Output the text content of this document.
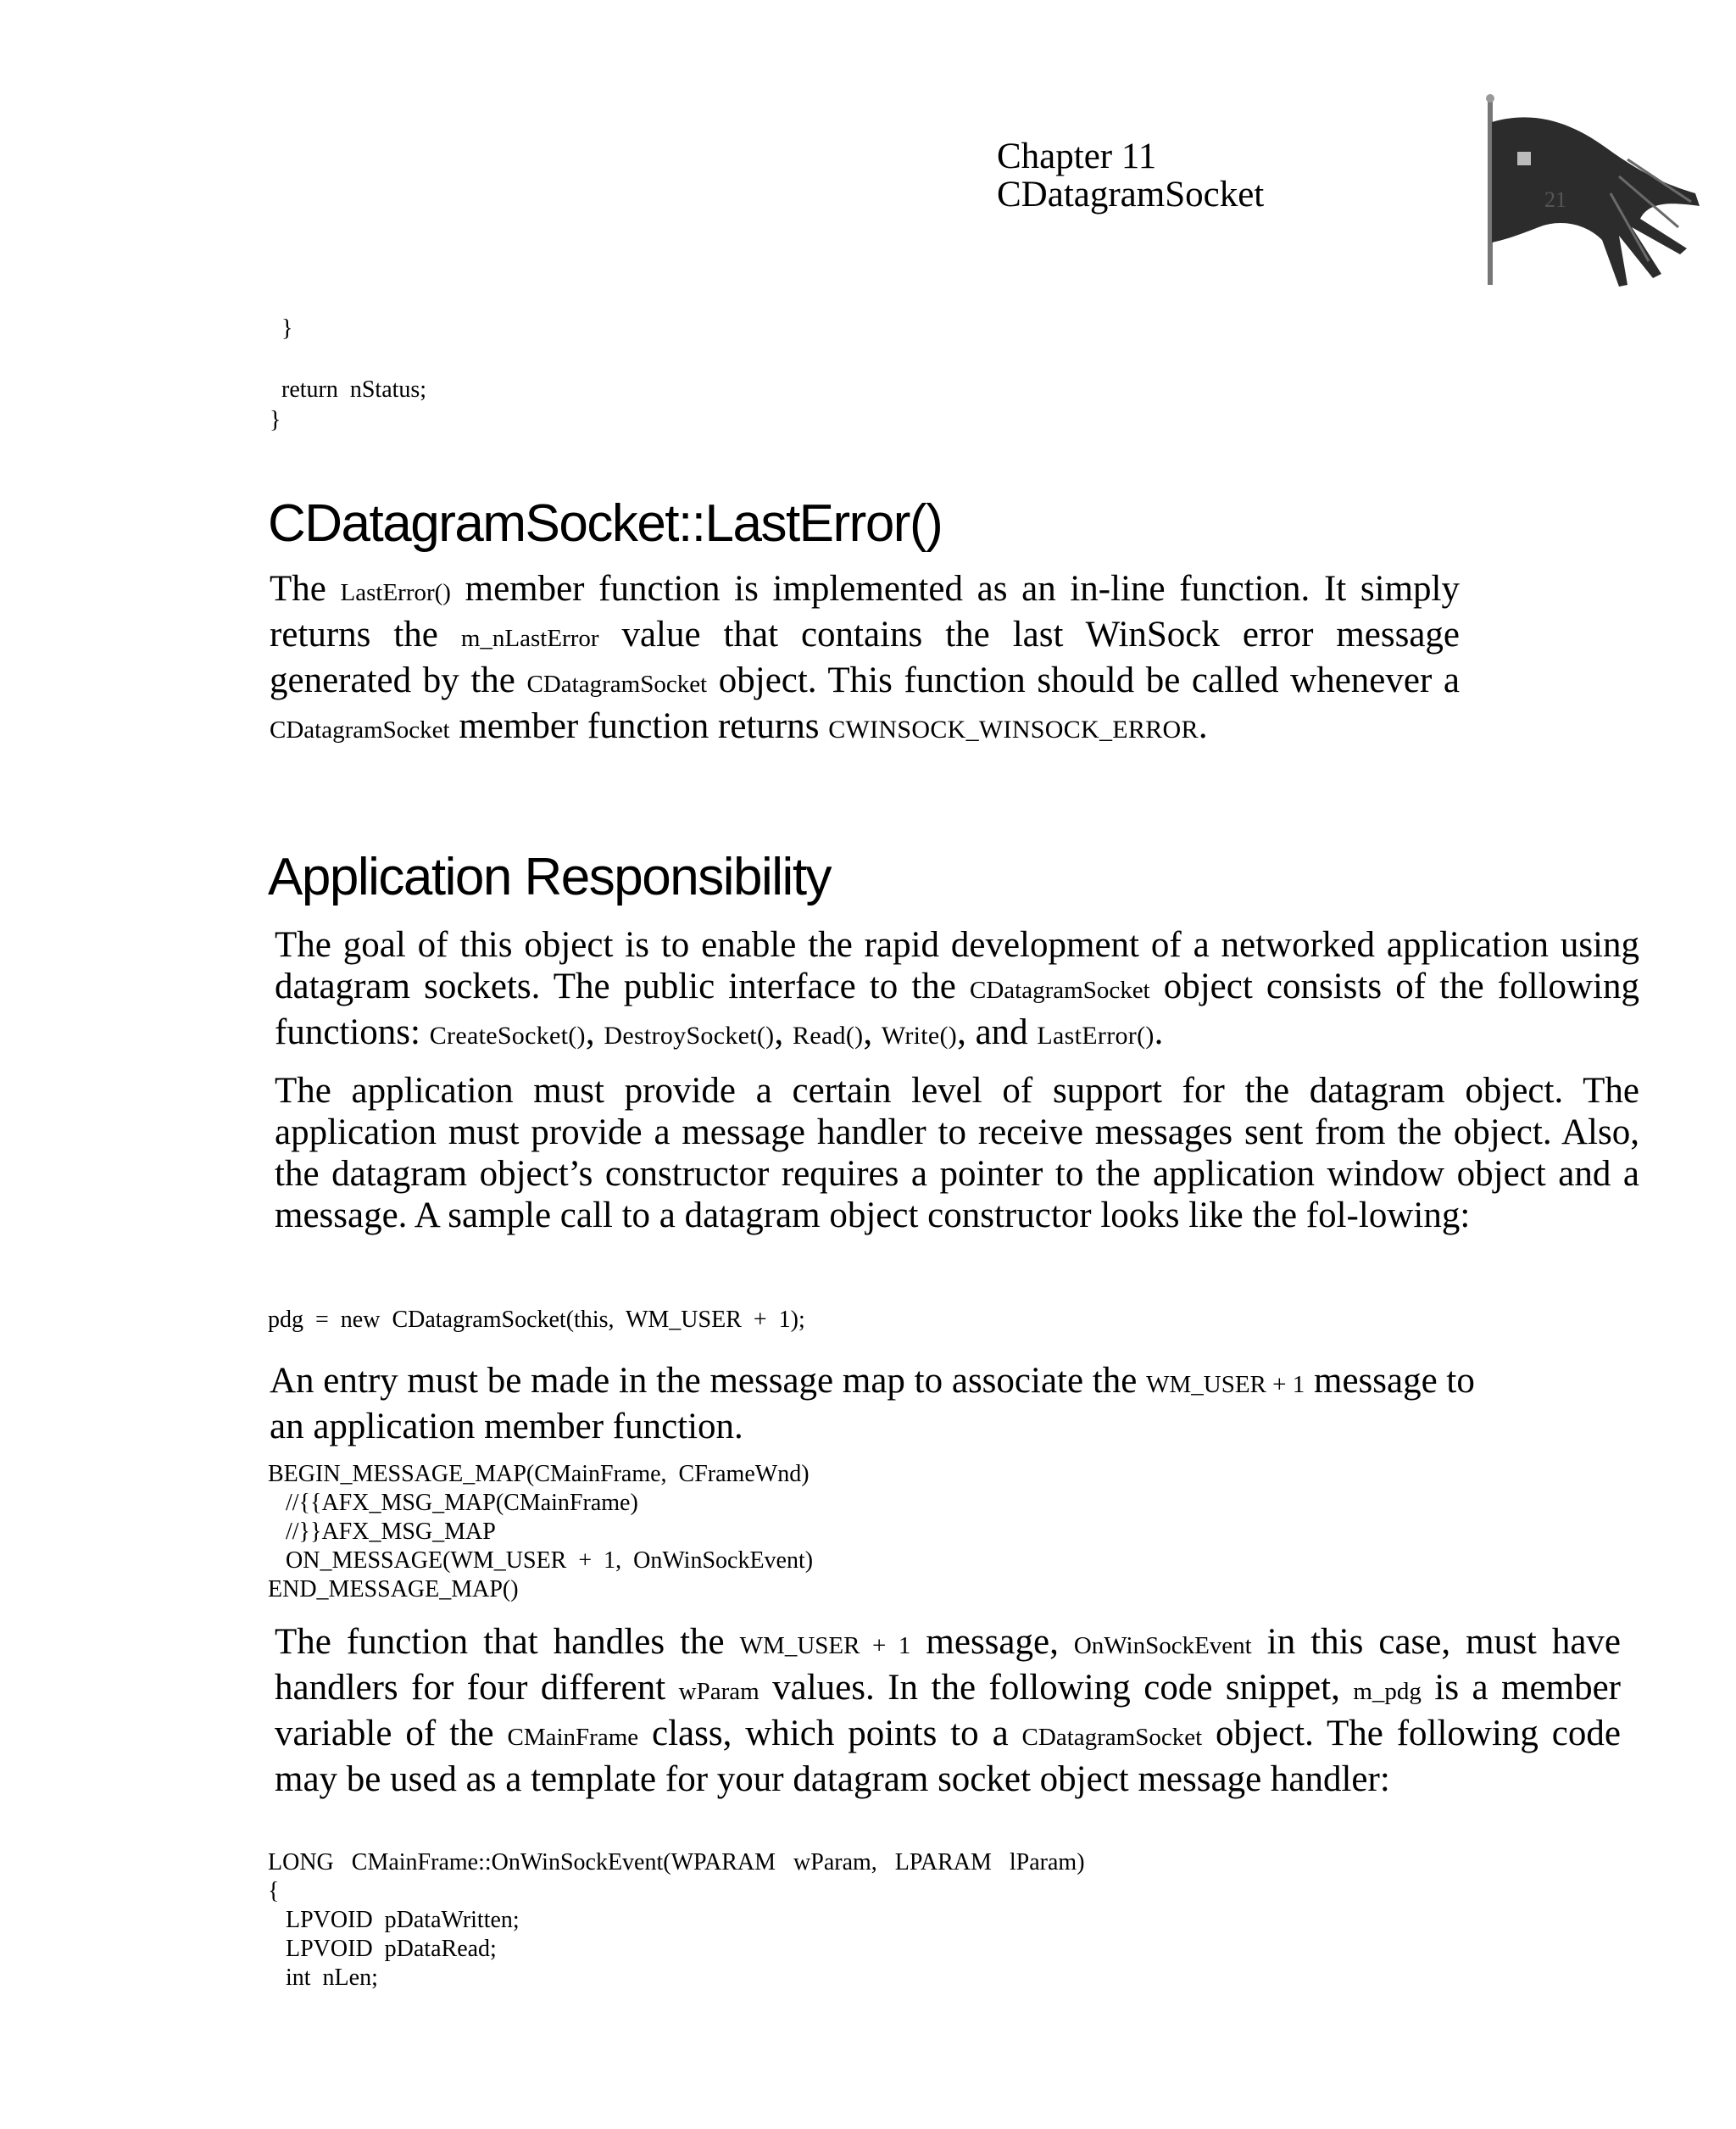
Chapter 11
CDatagramSocket	21
}

return  nStatus;
}
CDatagramSocket::LastError()

The LastError() member function is implemented as an in-line function. It simply returns the m_nLastError value that contains the last WinSock error message generated by the CDatagramSocket object. This function should be called whenever a CDatagramSocket member function returns CWINSOCK_WINSOCK_ERROR.

Application Responsibility

The goal of this object is to enable the rapid development of a networked application using datagram sockets. The public interface to the CDatagramSocket object consists of the following functions: CreateSocket(), DestroySocket(), Read(), Write(), and LastError().

The application must provide a certain level of support for the datagram object. The application must provide a message handler to receive messages sent from the object. Also, the datagram object’s constructor requires a pointer to the application window object and a message. A sample call to a datagram object constructor looks like the fol-lowing:

pdg  =  new  CDatagramSocket(this,  WM_USER  +  1);

An entry must be made in the message map to associate the WM_USER + 1 message to an application member function.

BEGIN_MESSAGE_MAP(CMainFrame,  CFrameWnd)
//{{AFX_MSG_MAP(CMainFrame)
//}}AFX_MSG_MAP
ON_MESSAGE(WM_USER  +  1,  OnWinSockEvent)
END_MESSAGE_MAP()

The function that handles the WM_USER + 1 message, OnWinSockEvent in this case, must have handlers for four different wParam values. In the following code snippet, m_pdg is a member variable of the CMainFrame class, which points to a CDatagramSocket object. The following code may be used as a template for your datagram socket object message handler:

LONG   CMainFrame::OnWinSockEvent(WPARAM   wParam,   LPARAM   lParam)
{
LPVOID  pDataWritten;
LPVOID  pDataRead;
int  nLen;
